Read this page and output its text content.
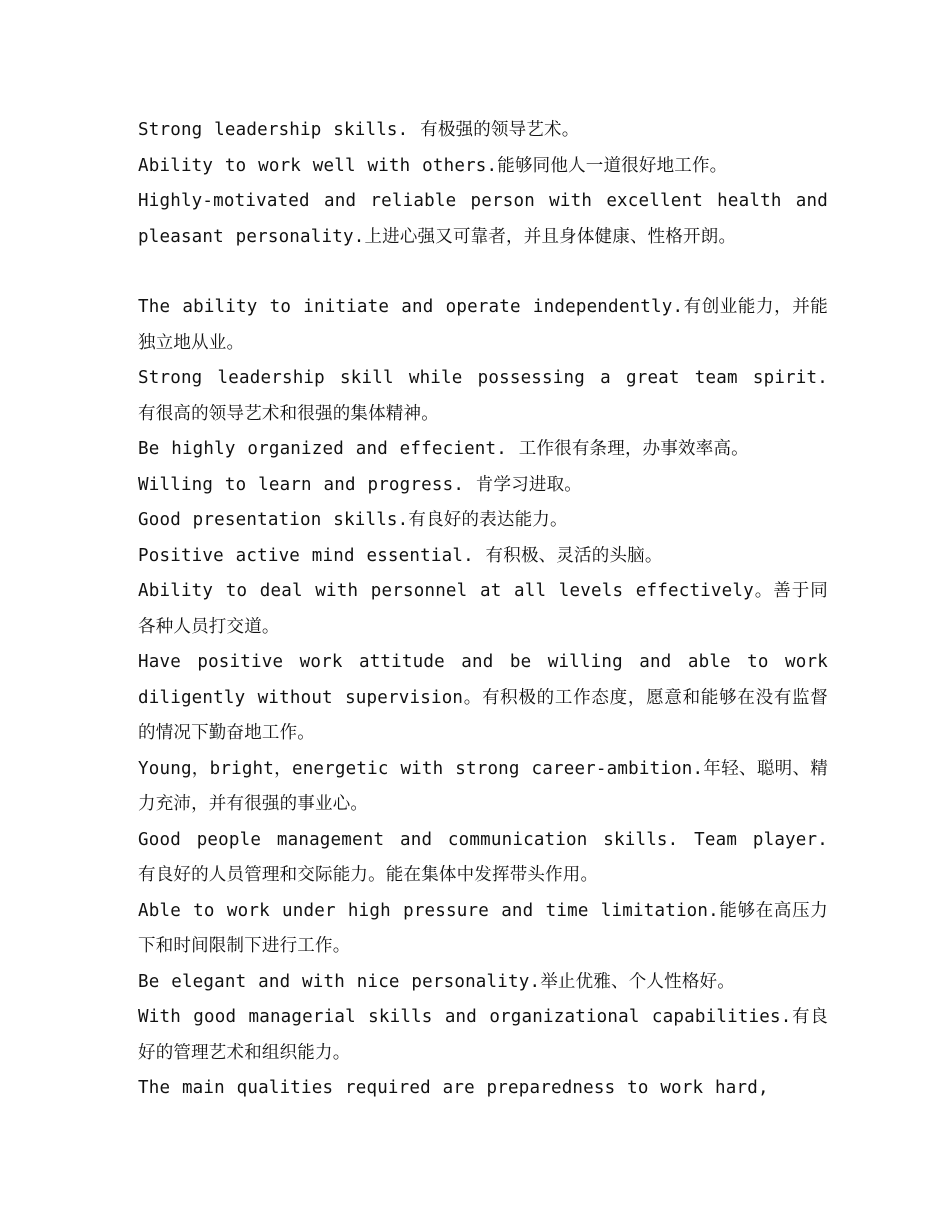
Strong leadership skills. 有极强的领导艺术。

Ability to work well with others.能够同他人一道很好地工作。

Highly-motivated and reliable person with excellent health and pleasant personality.上进心强又可靠者，并且身体健康、性格开朗。

The ability to initiate and operate independently.有创业能力，并能独立地从业。

Strong leadership skill while possessing a great team spirit. 有很高的领导艺术和很强的集体精神。

Be highly organized and effecient. 工作很有条理，办事效率高。

Willing to learn and progress. 肯学习进取。

Good presentation skills.有良好的表达能力。

Positive active mind essential. 有积极、灵活的头脑。

Ability to deal with personnel at all levels effectively。善于同各种人员打交道。

Have positive work attitude and be willing and able to work diligently without supervision。有积极的工作态度，愿意和能够在没有监督的情况下勤奋地工作。

Young，bright，energetic with strong career-ambition.年轻、聪明、精力充沛，并有很强的事业心。

Good people management and communication skills. Team player. 有良好的人员管理和交际能力。能在集体中发挥带头作用。

Able to work under high pressure and time limitation.能够在高压力下和时间限制下进行工作。

Be elegant and with nice personality.举止优雅、个人性格好。

With good managerial skills and organizational capabilities.有良好的管理艺术和组织能力。

The main qualities required are preparedness to work hard,
